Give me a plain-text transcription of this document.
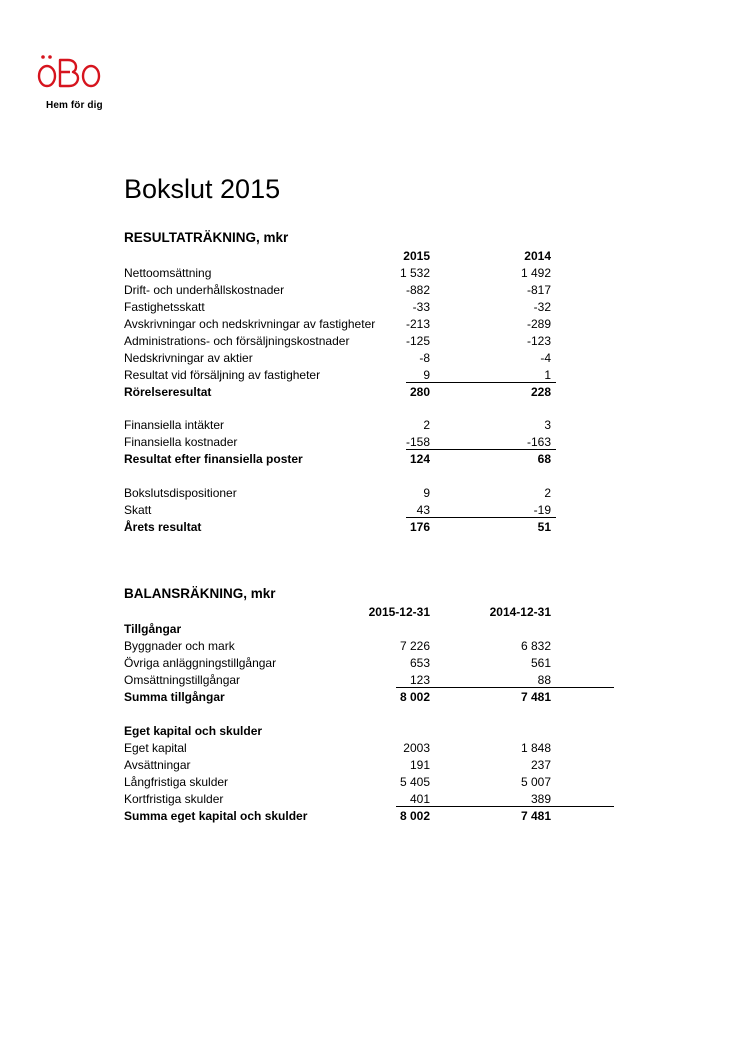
Hem för dig
Bokslut 2015
RESULTATRÄKNING, mkr
2015	2014
Nettoomsättning	1 532	1 492
Drift- och underhållskostnader	-882	-817
Fastighetsskatt	-33	-32
Avskrivningar och nedskrivningar av fastigheter	-213	-289
Administrations- och försäljningskostnader	-125	-123
Nedskrivningar av aktier	-8	-4
Resultat vid försäljning av fastigheter	9	1
Rörelseresultat	280	228
Finansiella intäkter	2	3
Finansiella kostnader	-158	-163
Resultat efter finansiella poster	124	68
Bokslutsdispositioner	9	2
Skatt	43	-19
Årets resultat	176	51
BALANSRÄKNING, mkr
2015-12-31	2014-12-31
Tillgångar
Byggnader och mark	7 226	6 832
Övriga anläggningstillgångar	653	561
Omsättningstillgångar	123	88
Summa tillgångar	8 002	7 481
Eget kapital och skulder
Eget kapital	2003	1 848
Avsättningar	191	237
Långfristiga skulder	5 405	5 007
Kortfristiga skulder	401	389
Summa eget kapital och skulder	8 002	7 481
